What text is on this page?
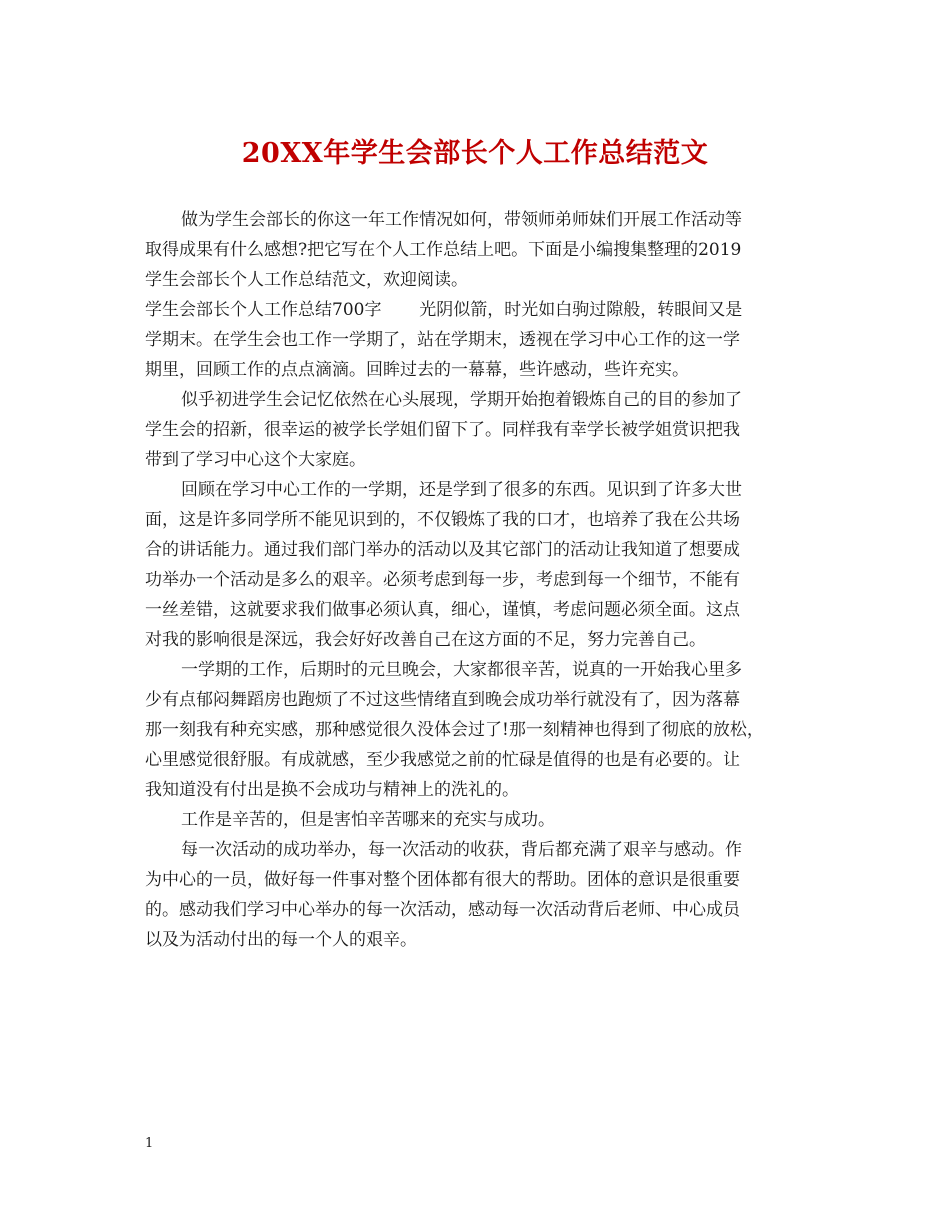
20XX年学生会部长个人工作总结范文
做为学生会部长的你这一年工作情况如何，带领师弟师妹们开展工作活动等
取得成果有什么感想?把它写在个人工作总结上吧。下面是小编搜集整理的2019
学生会部长个人工作总结范文，欢迎阅读。
学生会部长个人工作总结700字       光阴似箭，时光如白驹过隙般，转眼间又是
学期末。在学生会也工作一学期了，站在学期末，透视在学习中心工作的这一学
期里，回顾工作的点点滴滴。回眸过去的一幕幕，些许感动，些许充实。
似乎初进学生会记忆依然在心头展现，学期开始抱着锻炼自己的目的参加了
学生会的招新，很幸运的被学长学姐们留下了。同样我有幸学长被学姐赏识把我
带到了学习中心这个大家庭。
回顾在学习中心工作的一学期，还是学到了很多的东西。见识到了许多大世
面，这是许多同学所不能见识到的，不仅锻炼了我的口才，也培养了我在公共场
合的讲话能力。通过我们部门举办的活动以及其它部门的活动让我知道了想要成
功举办一个活动是多么的艰辛。必须考虑到每一步，考虑到每一个细节，不能有
一丝差错，这就要求我们做事必须认真，细心，谨慎，考虑问题必须全面。这点
对我的影响很是深远，我会好好改善自己在这方面的不足，努力完善自己。
一学期的工作，后期时的元旦晚会，大家都很辛苦，说真的一开始我心里多
少有点郁闷舞蹈房也跑烦了不过这些情绪直到晚会成功举行就没有了，因为落幕
那一刻我有种充实感，那种感觉很久没体会过了!那一刻精神也得到了彻底的放松，
心里感觉很舒服。有成就感，至少我感觉之前的忙碌是值得的也是有必要的。让
我知道没有付出是换不会成功与精神上的洗礼的。
工作是辛苦的，但是害怕辛苦哪来的充实与成功。
每一次活动的成功举办，每一次活动的收获，背后都充满了艰辛与感动。作
为中心的一员，做好每一件事对整个团体都有很大的帮助。团体的意识是很重要
的。感动我们学习中心举办的每一次活动，感动每一次活动背后老师、中心成员
以及为活动付出的每一个人的艰辛。
1
